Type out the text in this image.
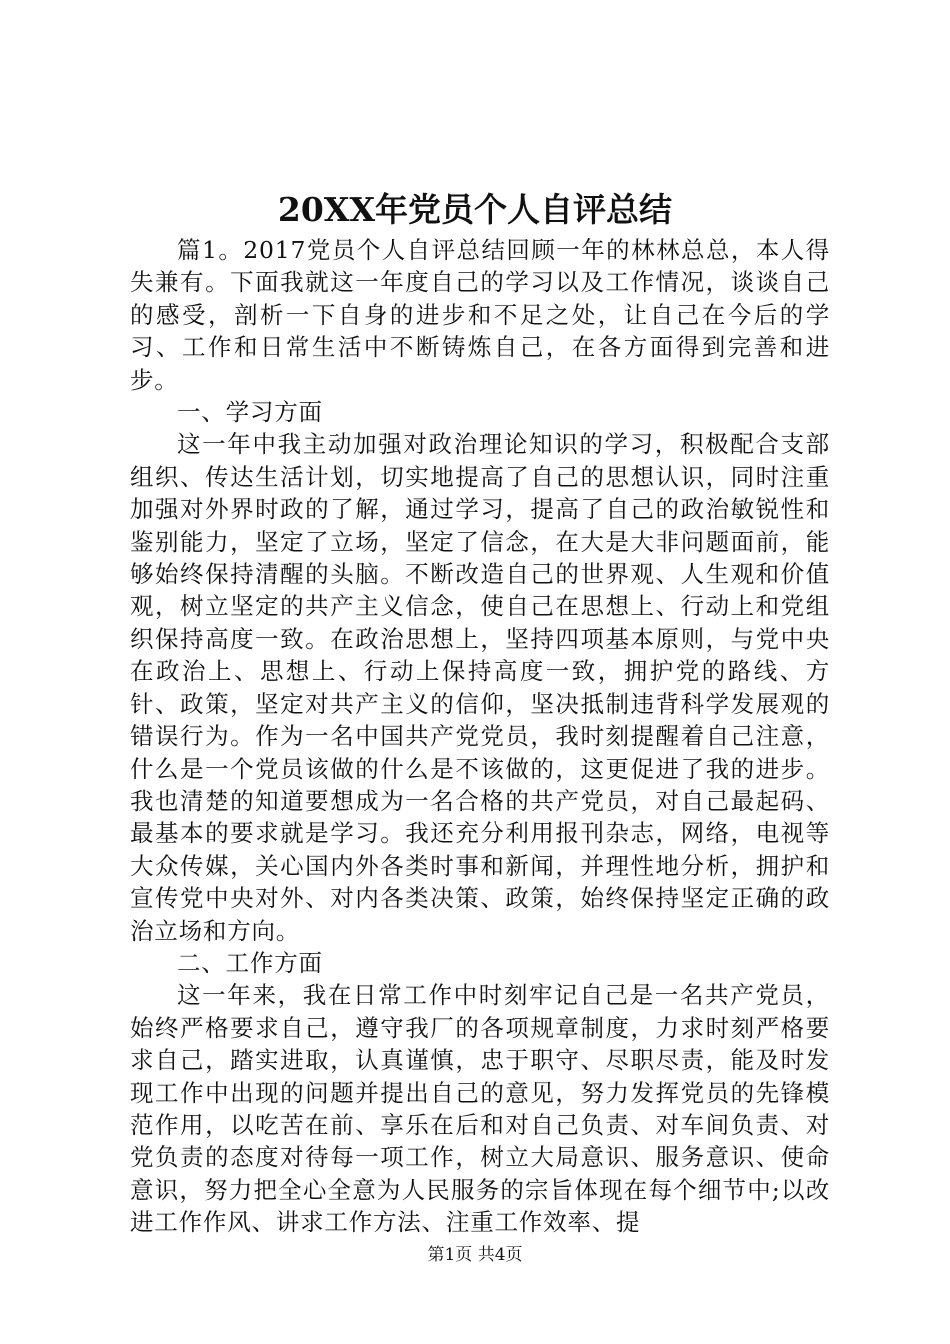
20XX年党员个人自评总结

篇1。2017党员个人自评总结回顾一年的林林总总，本人得失兼有。下面我就这一年度自己的学习以及工作情况，谈谈自己的感受，剖析一下自身的进步和不足之处，让自己在今后的学习、工作和日常生活中不断铸炼自己，在各方面得到完善和进步。

一、学习方面

这一年中我主动加强对政治理论知识的学习，积极配合支部组织、传达生活计划，切实地提高了自己的思想认识，同时注重加强对外界时政的了解，通过学习，提高了自己的政治敏锐性和鉴别能力，坚定了立场，坚定了信念，在大是大非问题面前，能够始终保持清醒的头脑。不断改造自己的世界观、人生观和价值观，树立坚定的共产主义信念，使自己在思想上、行动上和党组织保持高度一致。在政治思想上，坚持四项基本原则，与党中央在政治上、思想上、行动上保持高度一致，拥护党的路线、方针、政策，坚定对共产主义的信仰，坚决抵制违背科学发展观的错误行为。作为一名中国共产党党员，我时刻提醒着自己注意，什么是一个党员该做的什么是不该做的，这更促进了我的进步。我也清楚的知道要想成为一名合格的共产党员，对自己最起码、最基本的要求就是学习。我还充分利用报刊杂志，网络，电视等大众传媒，关心国内外各类时事和新闻，并理性地分析，拥护和宣传党中央对外、对内各类决策、政策，始终保持坚定正确的政治立场和方向。

二、工作方面

这一年来，我在日常工作中时刻牢记自己是一名共产党员，始终严格要求自己，遵守我厂的各项规章制度，力求时刻严格要求自己，踏实进取，认真谨慎，忠于职守、尽职尽责，能及时发现工作中出现的问题并提出自己的意见，努力发挥党员的先锋模范作用，以吃苦在前、享乐在后和对自己负责、对车间负责、对党负责的态度对待每一项工作，树立大局意识、服务意识、使命意识，努力把全心全意为人民服务的宗旨体现在每个细节中;以改进工作作风、讲求工作方法、注重工作效率、提

第1页 共4页
